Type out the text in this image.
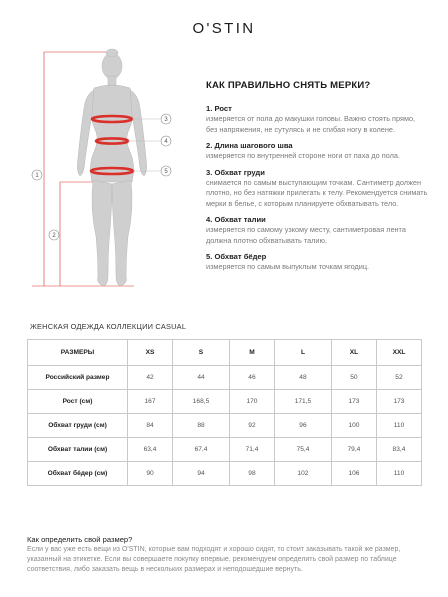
O'STIN
3
4
5
1
2
КАК ПРАВИЛЬНО СНЯТЬ МЕРКИ?
1. Рост
измеряется от пола до макушки головы. Важно стоять прямо, без напряжения, не сутулясь и не сгибая ногу в колене.
2. Длина шагового шва
измеряется по внутренней стороне ноги от паха до пола.
3. Обхват груди
снимается по самым выступающим точкам. Сантиметр должен плотно, но без натяжки прилегать к телу. Рекомендуется снимать мерки в белье, с которым планируете обхватывать тело.
4. Обхват талии
измеряется по самому узкому месту, сантиметровая лента должна плотно обхватывать талию.
5. Обхват бёдер
измеряется по самым выпуклым точкам ягодиц.
ЖЕНСКАЯ ОДЕЖДА КОЛЛЕКЦИИ CASUAL
РАЗМЕРЫ	XS	S	M	L	XL	XXL
Российский размер	42	44	46	48	50	52
Рост (см)	167	168,5	170	171,5	173	173
Обхват груди (см)	84	88	92	96	100	110
Обхват талии (см)	63,4	67,4	71,4	75,4	79,4	83,4
Обхват бёдер (см)	90	94	98	102	106	110
Как определить свой размер?
Если у вас уже есть вещи из O'STIN, которые вам подходят и хорошо сидят, то стоит заказывать такой же размер, указанный на этикетке. Если вы совершаете покупку впервые, рекомендуем определить свой размер по таблице соответствия, либо заказать вещь в нескольких размерах и неподошедшие вернуть.
